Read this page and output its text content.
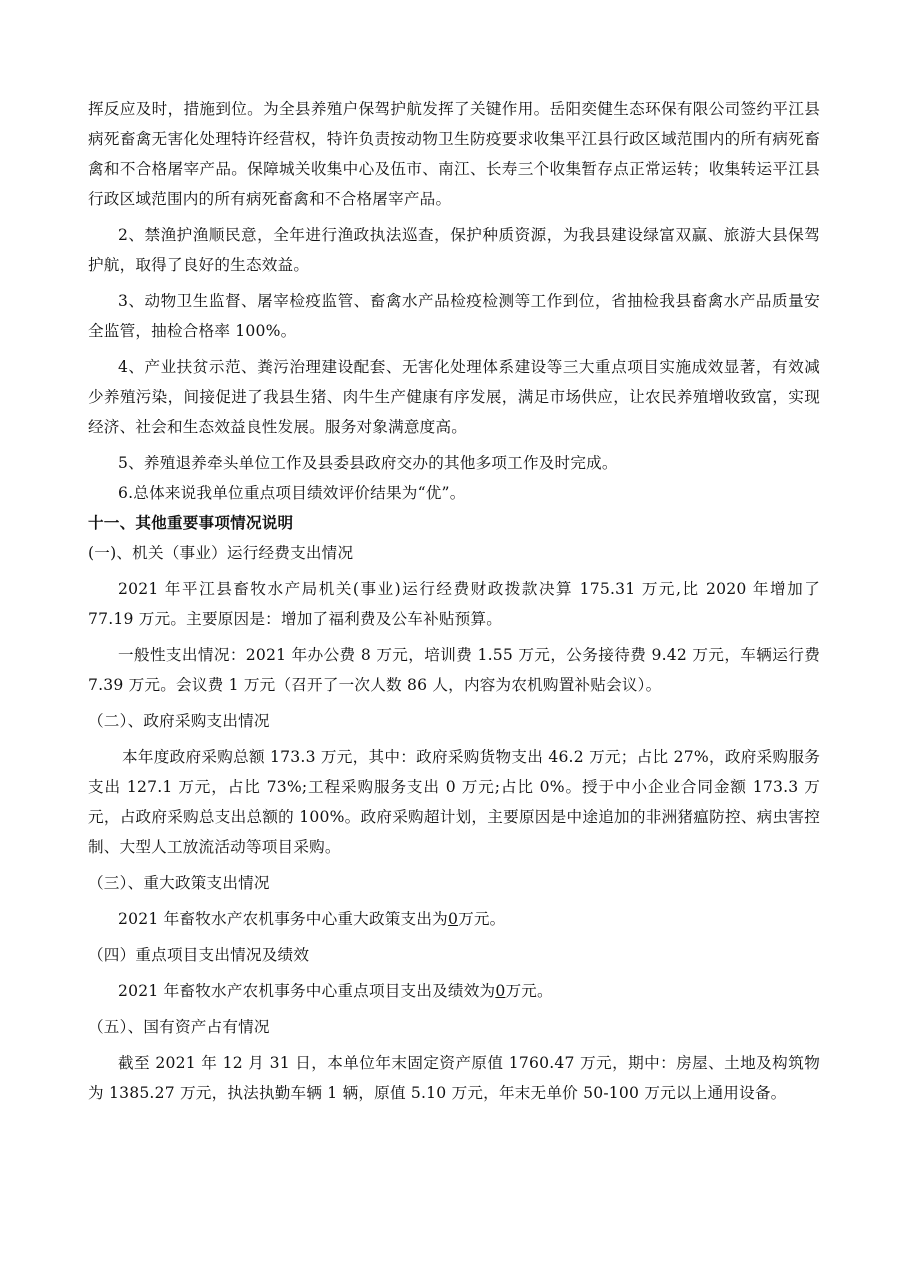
挥反应及时，措施到位。为全县养殖户保驾护航发挥了关键作用。岳阳奕健生态环保有限公司签约平江县病死畜禽无害化处理特许经营权，特许负责按动物卫生防疫要求收集平江县行政区域范围内的所有病死畜禽和不合格屠宰产品。保障城关收集中心及伍市、南江、长寿三个收集暂存点正常运转；收集转运平江县行政区域范围内的所有病死畜禽和不合格屠宰产品。

2、禁渔护渔顺民意，全年进行渔政执法巡查，保护种质资源，为我县建设绿富双赢、旅游大县保驾护航，取得了良好的生态效益。

3、动物卫生监督、屠宰检疫监管、畜禽水产品检疫检测等工作到位，省抽检我县畜禽水产品质量安全监管，抽检合格率 100%。

4、产业扶贫示范、粪污治理建设配套、无害化处理体系建设等三大重点项目实施成效显著，有效减少养殖污染，间接促进了我县生猪、肉牛生产健康有序发展，满足市场供应，让农民养殖增收致富，实现经济、社会和生态效益良性发展。服务对象满意度高。

5、养殖退养牵头单位工作及县委县政府交办的其他多项工作及时完成。

6.总体来说我单位重点项目绩效评价结果为“优”。

十一、其他重要事项情况说明

(一)、机关（事业）运行经费支出情况

2021 年平江县畜牧水产局机关(事业)运行经费财政拨款决算 175.31 万元,比 2020 年增加了 77.19 万元。主要原因是：增加了福利费及公车补贴预算。

一般性支出情况：2021 年办公费 8 万元，培训费 1.55 万元，公务接待费 9.42 万元，车辆运行费 7.39 万元。会议费 1 万元（召开了一次人数 86 人，内容为农机购置补贴会议）。

（二）、政府采购支出情况

本年度政府采购总额 173.3 万元，其中：政府采购货物支出 46.2 万元；占比 27%，政府采购服务支出 127.1 万元，占比 73%;工程采购服务支出 0 万元;占比 0%。授于中小企业合同金额 173.3 万元，占政府采购总支出总额的 100%。政府采购超计划，主要原因是中途追加的非洲猪瘟防控、病虫害控制、大型人工放流活动等项目采购。

（三）、重大政策支出情况

2021 年畜牧水产农机事务中心重大政策支出为0万元。

（四）重点项目支出情况及绩效

2021 年畜牧水产农机事务中心重点项目支出及绩效为0万元。

（五）、国有资产占有情况

截至 2021 年 12 月 31 日，本单位年末固定资产原值 1760.47 万元，期中：房屋、土地及构筑物为 1385.27 万元，执法执勤车辆 1 辆，原值 5.10 万元，年末无单价 50-100 万元以上通用设备。
